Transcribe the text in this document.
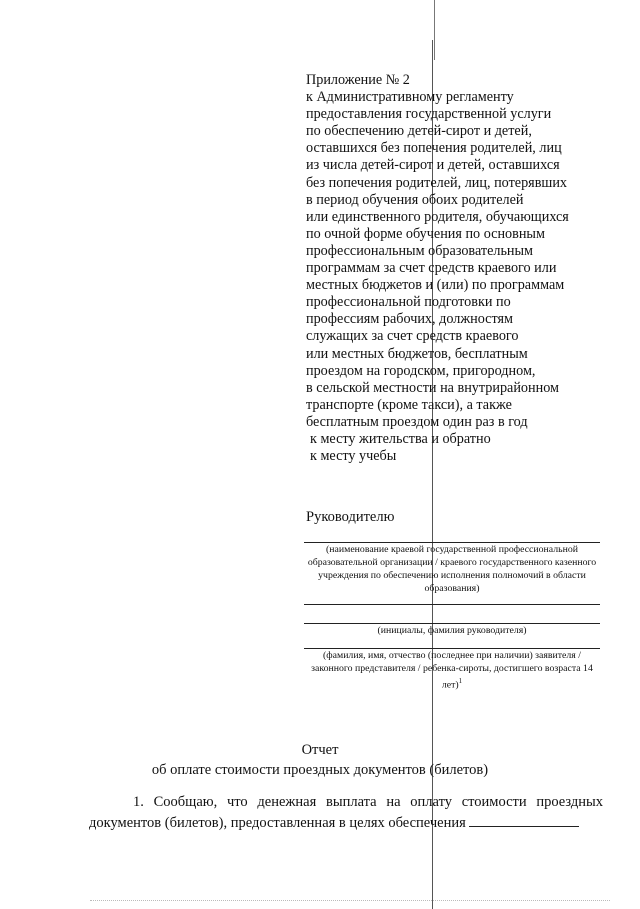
Приложение № 2
к Административному регламенту
предоставления государственной услуги
по обеспечению детей-сирот и детей,
оставшихся без попечения родителей, лиц
из числа детей-сирот и детей, оставшихся
без попечения родителей, лиц, потерявших
в период обучения обоих родителей
или единственного родителя, обучающихся
по очной форме обучения по основным
профессиональным образовательным
программам за счет средств краевого или
местных бюджетов и (или) по программам
профессиональной подготовки по
профессиям рабочих, должностям
служащих за счет средств краевого
или местных бюджетов, бесплатным
проездом на городском, пригородном,
в сельской местности на внутрирайонном
транспорте (кроме такси), а также
бесплатным проездом один раз в год
к месту жительства и обратно
к месту учебы
Руководителю
(наименование краевой государственной профессиональной образовательной организации / краевого государственного казенного учреждения по обеспечению исполнения полномочий в области образования)
(инициалы, фамилия руководителя)
(фамилия, имя, отчество (последнее при наличии) заявителя / законного представителя / ребенка-сироты, достигшего возраста 14 лет)$^1$
Отчет
об оплате стоимости проездных документов (билетов)
1. Сообщаю, что денежная выплата на оплату стоимости проездных документов (билетов), предоставленная в целях обеспечения
